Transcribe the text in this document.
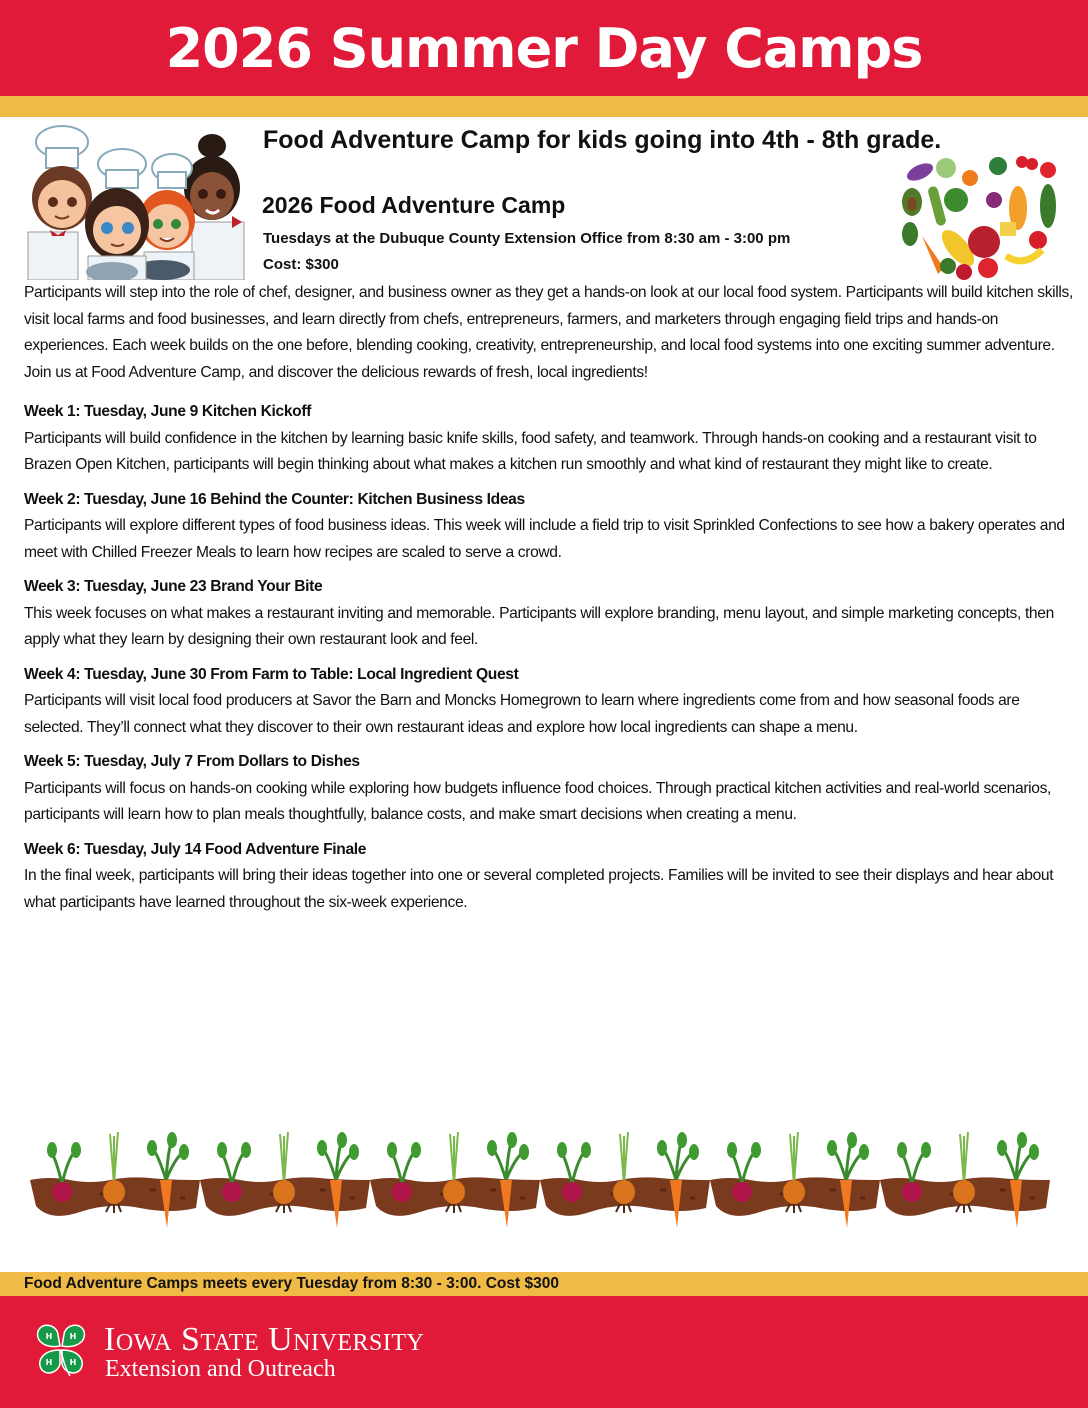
2026 Summer Day Camps
Food Adventure Camp for kids going into 4th - 8th grade.
2026 Food Adventure Camp
Tuesdays at the Dubuque County Extension Office from 8:30 am - 3:00 pm
Cost: $300

Participants will step into the role of chef, designer, and business owner as they get a hands-on look at our local food system. Participants will build kitchen skills, visit local farms and food businesses, and learn directly from chefs, entrepreneurs, farmers, and marketers through engaging field trips and hands-on experiences. Each week builds on the one before, blending cooking, creativity, entrepreneurship, and local food systems into one exciting summer adventure. Join us at Food Adventure Camp, and discover the delicious rewards of fresh, local ingredients!

Week 1: Tuesday, June 9 Kitchen Kickoff

Participants will build confidence in the kitchen by learning basic knife skills, food safety, and teamwork. Through hands-on cooking and a restaurant visit to Brazen Open Kitchen, participants will begin thinking about what makes a kitchen run smoothly and what kind of restaurant they might like to create.

Week 2: Tuesday, June 16 Behind the Counter: Kitchen Business Ideas

Participants will explore different types of food business ideas. This week will include a field trip to visit Sprinkled Confections to see how a bakery operates and meet with Chilled Freezer Meals to learn how recipes are scaled to serve a crowd.

Week 3: Tuesday, June 23 Brand Your Bite

This week focuses on what makes a restaurant inviting and memorable. Participants will explore branding, menu layout, and simple marketing concepts, then apply what they learn by designing their own restaurant look and feel.

Week 4: Tuesday, June 30 From Farm to Table: Local Ingredient Quest

Participants will visit local food producers at Savor the Barn and Moncks Homegrown to learn where ingredients come from and how seasonal foods are selected. They’ll connect what they discover to their own restaurant ideas and explore how local ingredients can shape a menu.

Week 5: Tuesday, July 7 From Dollars to Dishes

Participants will focus on hands-on cooking while exploring how budgets influence food choices. Through practical kitchen activities and real-world scenarios, participants will learn how to plan meals thoughtfully, balance costs, and make smart decisions when creating a menu.

Week 6: Tuesday, July 14 Food Adventure Finale

In the final week, participants will bring their ideas together into one or several completed projects. Families will be invited to see their displays and hear about what participants have learned throughout the six-week experience.

Food Adventure Camps meets every Tuesday from 8:30 - 3:00. Cost $300
H H
H H
Iowa State University
Extension and Outreach
